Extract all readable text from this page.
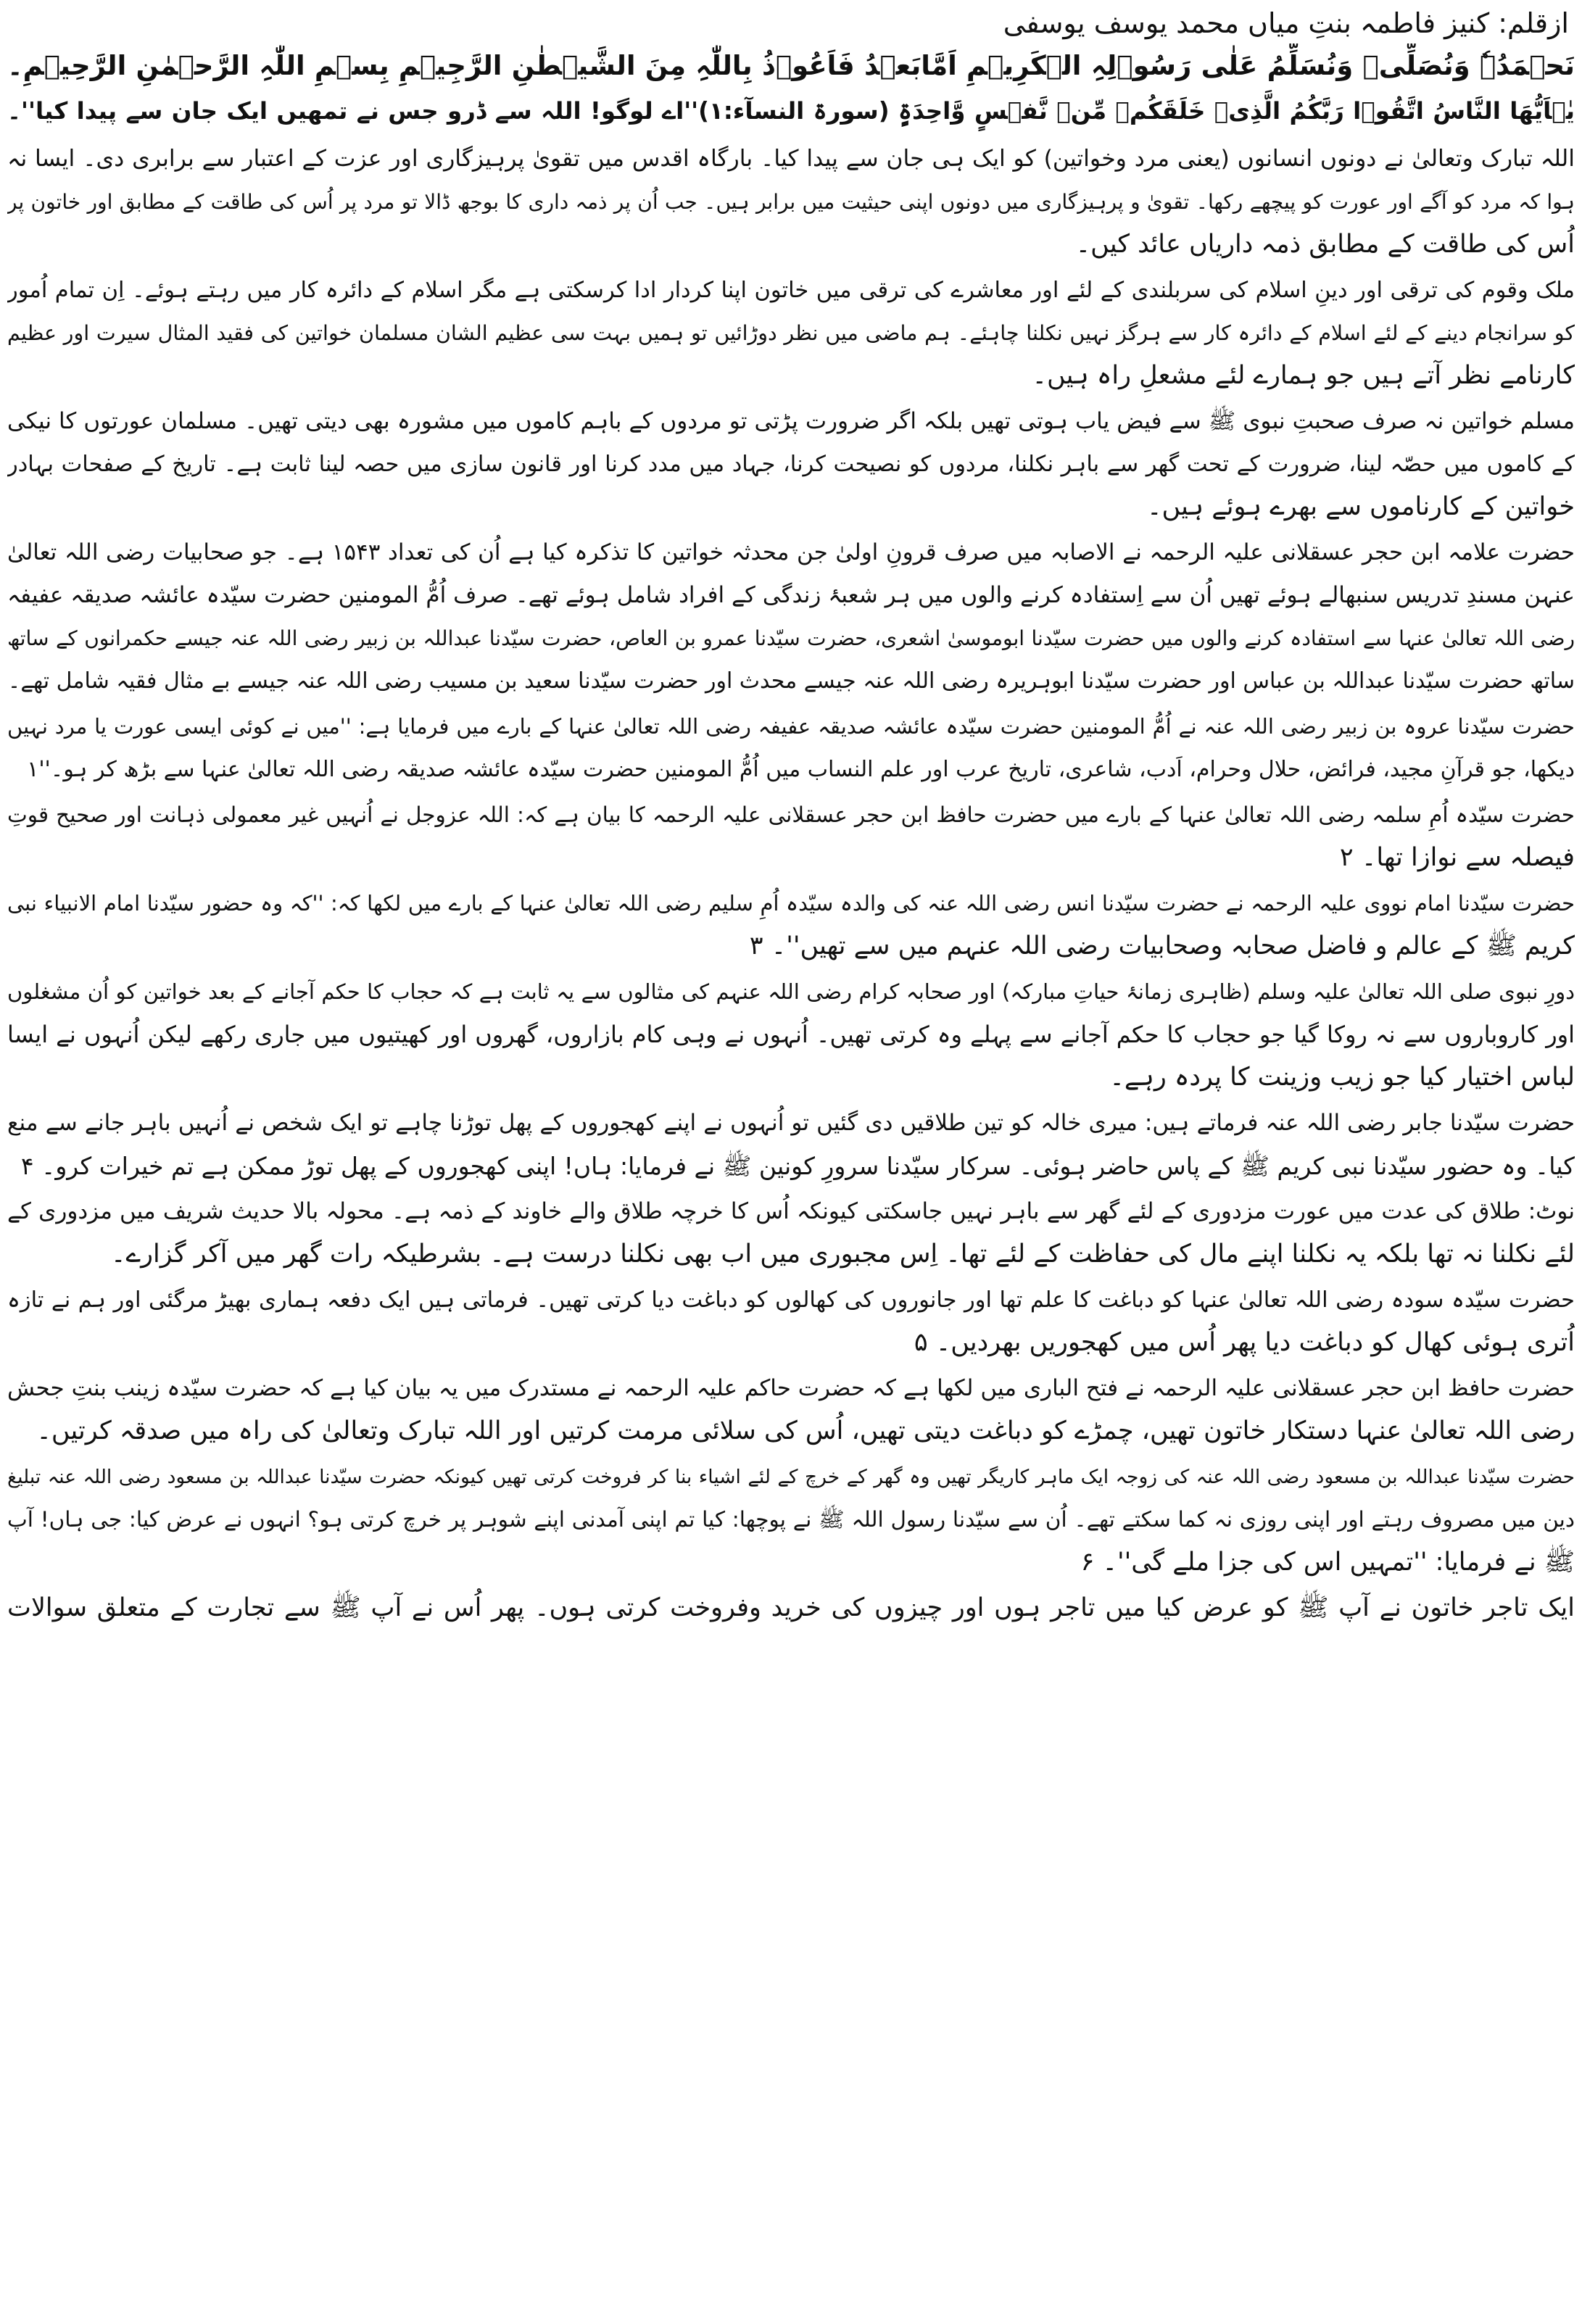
ازقلم: کنیز فاطمہ بنتِ میاں محمد یوسف یوسفی
نَحۡمَدُہٗ وَنُصَلِّیۡ وَنُسَلِّمُ عَلٰی رَسُوۡلِہِ الۡکَرِیۡمِ اَمَّابَعۡدُ فَاَعُوۡذُ بِاللّٰہِ مِنَ الشَّیۡطٰنِ الرَّجِیۡمِ بِسۡمِ اللّٰہِ الرَّحۡمٰنِ الرَّحِیۡمِ۔
یٰۤاَیُّھَا النَّاسُ اتَّقُوۡا رَبَّکُمُ الَّذِیۡ خَلَقَکُمۡ مِّنۡ نَّفۡسٍ وَّاحِدَۃٍ (سورۃ النسآء:۱)''اے لوگو! اللہ سے ڈرو جس نے تمھیں ایک جان سے پیدا کیا''۔
اللہ تبارک وتعالیٰ نے دونوں انسانوں (یعنی مرد وخواتین) کو ایک ہی جان سے پیدا کیا۔ بارگاہ اقدس میں تقویٰ پرہیزگاری اور عزت کے اعتبار سے برابری دی۔ ایسا نہ
ہوا کہ مرد کو آگے اور عورت کو پیچھے رکھا۔ تقویٰ و پرہیزگاری میں دونوں اپنی حیثیت میں برابر ہیں۔ جب اُن پر ذمہ داری کا بوجھ ڈالا تو مرد پر اُس کی طاقت کے مطابق اور خاتون پر
اُس کی طاقت کے مطابق ذمہ داریاں عائد کیں۔
ملک وقوم کی ترقی اور دینِ اسلام کی سربلندی کے لئے اور معاشرے کی ترقی میں خاتون اپنا کردار ادا کرسکتی ہے مگر اسلام کے دائرہ کار میں رہتے ہوئے۔ اِن تمام اُمور
کو سرانجام دینے کے لئے اسلام کے دائرہ کار سے ہرگز نہیں نکلنا چاہئے۔ ہم ماضی میں نظر دوڑائیں تو ہمیں بہت سی عظیم الشان مسلمان خواتین کی فقید المثال سیرت اور عظیم
کارنامے نظر آتے ہیں جو ہمارے لئے مشعلِ راہ ہیں۔
مسلم خواتین نہ صرف صحبتِ نبوی ﷺ سے فیض یاب ہوتی تھیں بلکہ اگر ضرورت پڑتی تو مردوں کے باہم کاموں میں مشورہ بھی دیتی تھیں۔ مسلمان عورتوں کا نیکی
کے کاموں میں حصّہ لینا، ضرورت کے تحت گھر سے باہر نکلنا، مردوں کو نصیحت کرنا، جہاد میں مدد کرنا اور قانون سازی میں حصہ لینا ثابت ہے۔ تاریخ کے صفحات بہادر
خواتین کے کارناموں سے بھرے ہوئے ہیں۔
حضرت علامہ ابن حجر عسقلانی علیہ الرحمہ نے الاصابہ میں صرف قرونِ اولیٰ جن محدثہ خواتین کا تذکرہ کیا ہے اُن کی تعداد ۱۵۴۳ ہے۔ جو صحابیات رضی اللہ تعالیٰ
عنہن مسندِ تدریس سنبھالے ہوئے تھیں اُن سے اِستفادہ کرنے والوں میں ہر شعبۂ زندگی کے افراد شامل ہوئے تھے۔ صرف اُمُّ المومنین حضرت سیّدہ عائشہ صدیقہ عفیفہ
رضی اللہ تعالیٰ عنہا سے استفادہ کرنے والوں میں حضرت سیّدنا ابوموسیٰ اشعری، حضرت سیّدنا عمرو بن العاص، حضرت سیّدنا عبداللہ بن زبیر رضی اللہ عنہ جیسے حکمرانوں کے ساتھ
ساتھ حضرت سیّدنا عبداللہ بن عباس اور حضرت سیّدنا ابوہریرہ رضی اللہ عنہ جیسے محدث اور حضرت سیّدنا سعید بن مسیب رضی اللہ عنہ جیسے بے مثال فقیہ شامل تھے۔
حضرت سیّدنا عروہ بن زبیر رضی اللہ عنہ نے اُمُّ المومنین حضرت سیّدہ عائشہ صدیقہ عفیفہ رضی اللہ تعالیٰ عنہا کے بارے میں فرمایا ہے: ''میں نے کوئی ایسی عورت یا مرد نہیں
دیکھا، جو قرآنِ مجید، فرائض، حلال وحرام، اَدب، شاعری، تاریخ عرب اور علم النساب میں اُمُّ المومنین حضرت سیّدہ عائشہ صدیقہ رضی اللہ تعالیٰ عنہا سے بڑھ کر ہو۔''۱
حضرت سیّدہ اُمِ سلمہ رضی اللہ تعالیٰ عنہا کے بارے میں حضرت حافظ ابن حجر عسقلانی علیہ الرحمہ کا بیان ہے کہ: اللہ عزوجل نے اُنہیں غیر معمولی ذہانت اور صحیح قوتِ
فیصلہ سے نوازا تھا۔ ۲
حضرت سیّدنا امام نووی علیہ الرحمہ نے حضرت سیّدنا انس رضی اللہ عنہ کی والدہ سیّدہ اُمِ سلیم رضی اللہ تعالیٰ عنہا کے بارے میں لکھا کہ: ''کہ وہ حضور سیّدنا امام الانبیاء نبی
کریم ﷺ کے عالم و فاضل صحابہ وصحابیات رضی اللہ عنہم میں سے تھیں''۔ ۳
دورِ نبوی صلی اللہ تعالیٰ علیہ وسلم (ظاہری زمانۂ حیاتِ مبارکہ) اور صحابہ کرام رضی اللہ عنہم کی مثالوں سے یہ ثابت ہے کہ حجاب کا حکم آجانے کے بعد خواتین کو اُن مشغلوں
اور کاروباروں سے نہ روکا گیا جو حجاب کا حکم آجانے سے پہلے وہ کرتی تھیں۔ اُنہوں نے وہی کام بازاروں، گھروں اور کھیتیوں میں جاری رکھے لیکن اُنہوں نے ایسا
لباس اختیار کیا جو زیب وزینت کا پردہ رہے۔
حضرت سیّدنا جابر رضی اللہ عنہ فرماتے ہیں: میری خالہ کو تین طلاقیں دی گئیں تو اُنہوں نے اپنے کھجوروں کے پھل توڑنا چاہے تو ایک شخص نے اُنہیں باہر جانے سے منع
کیا۔ وہ حضور سیّدنا نبی کریم ﷺ کے پاس حاضر ہوئی۔ سرکار سیّدنا سرورِ کونین ﷺ نے فرمایا: ہاں! اپنی کھجوروں کے پھل توڑ ممکن ہے تم خیرات کرو۔ ۴
نوٹ: طلاق کی عدت میں عورت مزدوری کے لئے گھر سے باہر نہیں جاسکتی کیونکہ اُس کا خرچہ طلاق والے خاوند کے ذمہ ہے۔ محولہ بالا حدیث شریف میں مزدوری کے
لئے نکلنا نہ تھا بلکہ یہ نکلنا اپنے مال کی حفاظت کے لئے تھا۔ اِس مجبوری میں اب بھی نکلنا درست ہے۔ بشرطیکہ رات گھر میں آکر گزارے۔
حضرت سیّدہ سودہ رضی اللہ تعالیٰ عنہا کو دباغت کا علم تھا اور جانوروں کی کھالوں کو دباغت دیا کرتی تھیں۔ فرماتی ہیں ایک دفعہ ہماری بھیڑ مرگئی اور ہم نے تازہ
اُتری ہوئی کھال کو دباغت دیا پھر اُس میں کھجوریں بھردیں۔ ۵
حضرت حافظ ابن حجر عسقلانی علیہ الرحمہ نے فتح الباری میں لکھا ہے کہ حضرت حاکم علیہ الرحمہ نے مستدرک میں یہ بیان کیا ہے کہ حضرت سیّدہ زینب بنتِ جحش
رضی اللہ تعالیٰ عنہا دستکار خاتون تھیں، چمڑے کو دباغت دیتی تھیں، اُس کی سلائی مرمت کرتیں اور اللہ تبارک وتعالیٰ کی راہ میں صدقہ کرتیں۔
حضرت سیّدنا عبداللہ بن مسعود رضی اللہ عنہ کی زوجہ ایک ماہر کاریگر تھیں وہ گھر کے خرچ کے لئے اشیاء بنا کر فروخت کرتی تھیں کیونکہ حضرت سیّدنا عبداللہ بن مسعود رضی اللہ عنہ تبلیغ
دین میں مصروف رہتے اور اپنی روزی نہ کما سکتے تھے۔ اُن سے سیّدنا رسول اللہ ﷺ نے پوچھا: کیا تم اپنی آمدنی اپنے شوہر پر خرچ کرتی ہو؟ انہوں نے عرض کیا: جی ہاں! آپ
ﷺ نے فرمایا: ''تمہیں اس کی جزا ملے گی''۔ ۶
ایک تاجر خاتون نے آپ ﷺ کو عرض کیا میں تاجر ہوں اور چیزوں کی خرید وفروخت کرتی ہوں۔ پھر اُس نے آپ ﷺ سے تجارت کے متعلق سوالات
